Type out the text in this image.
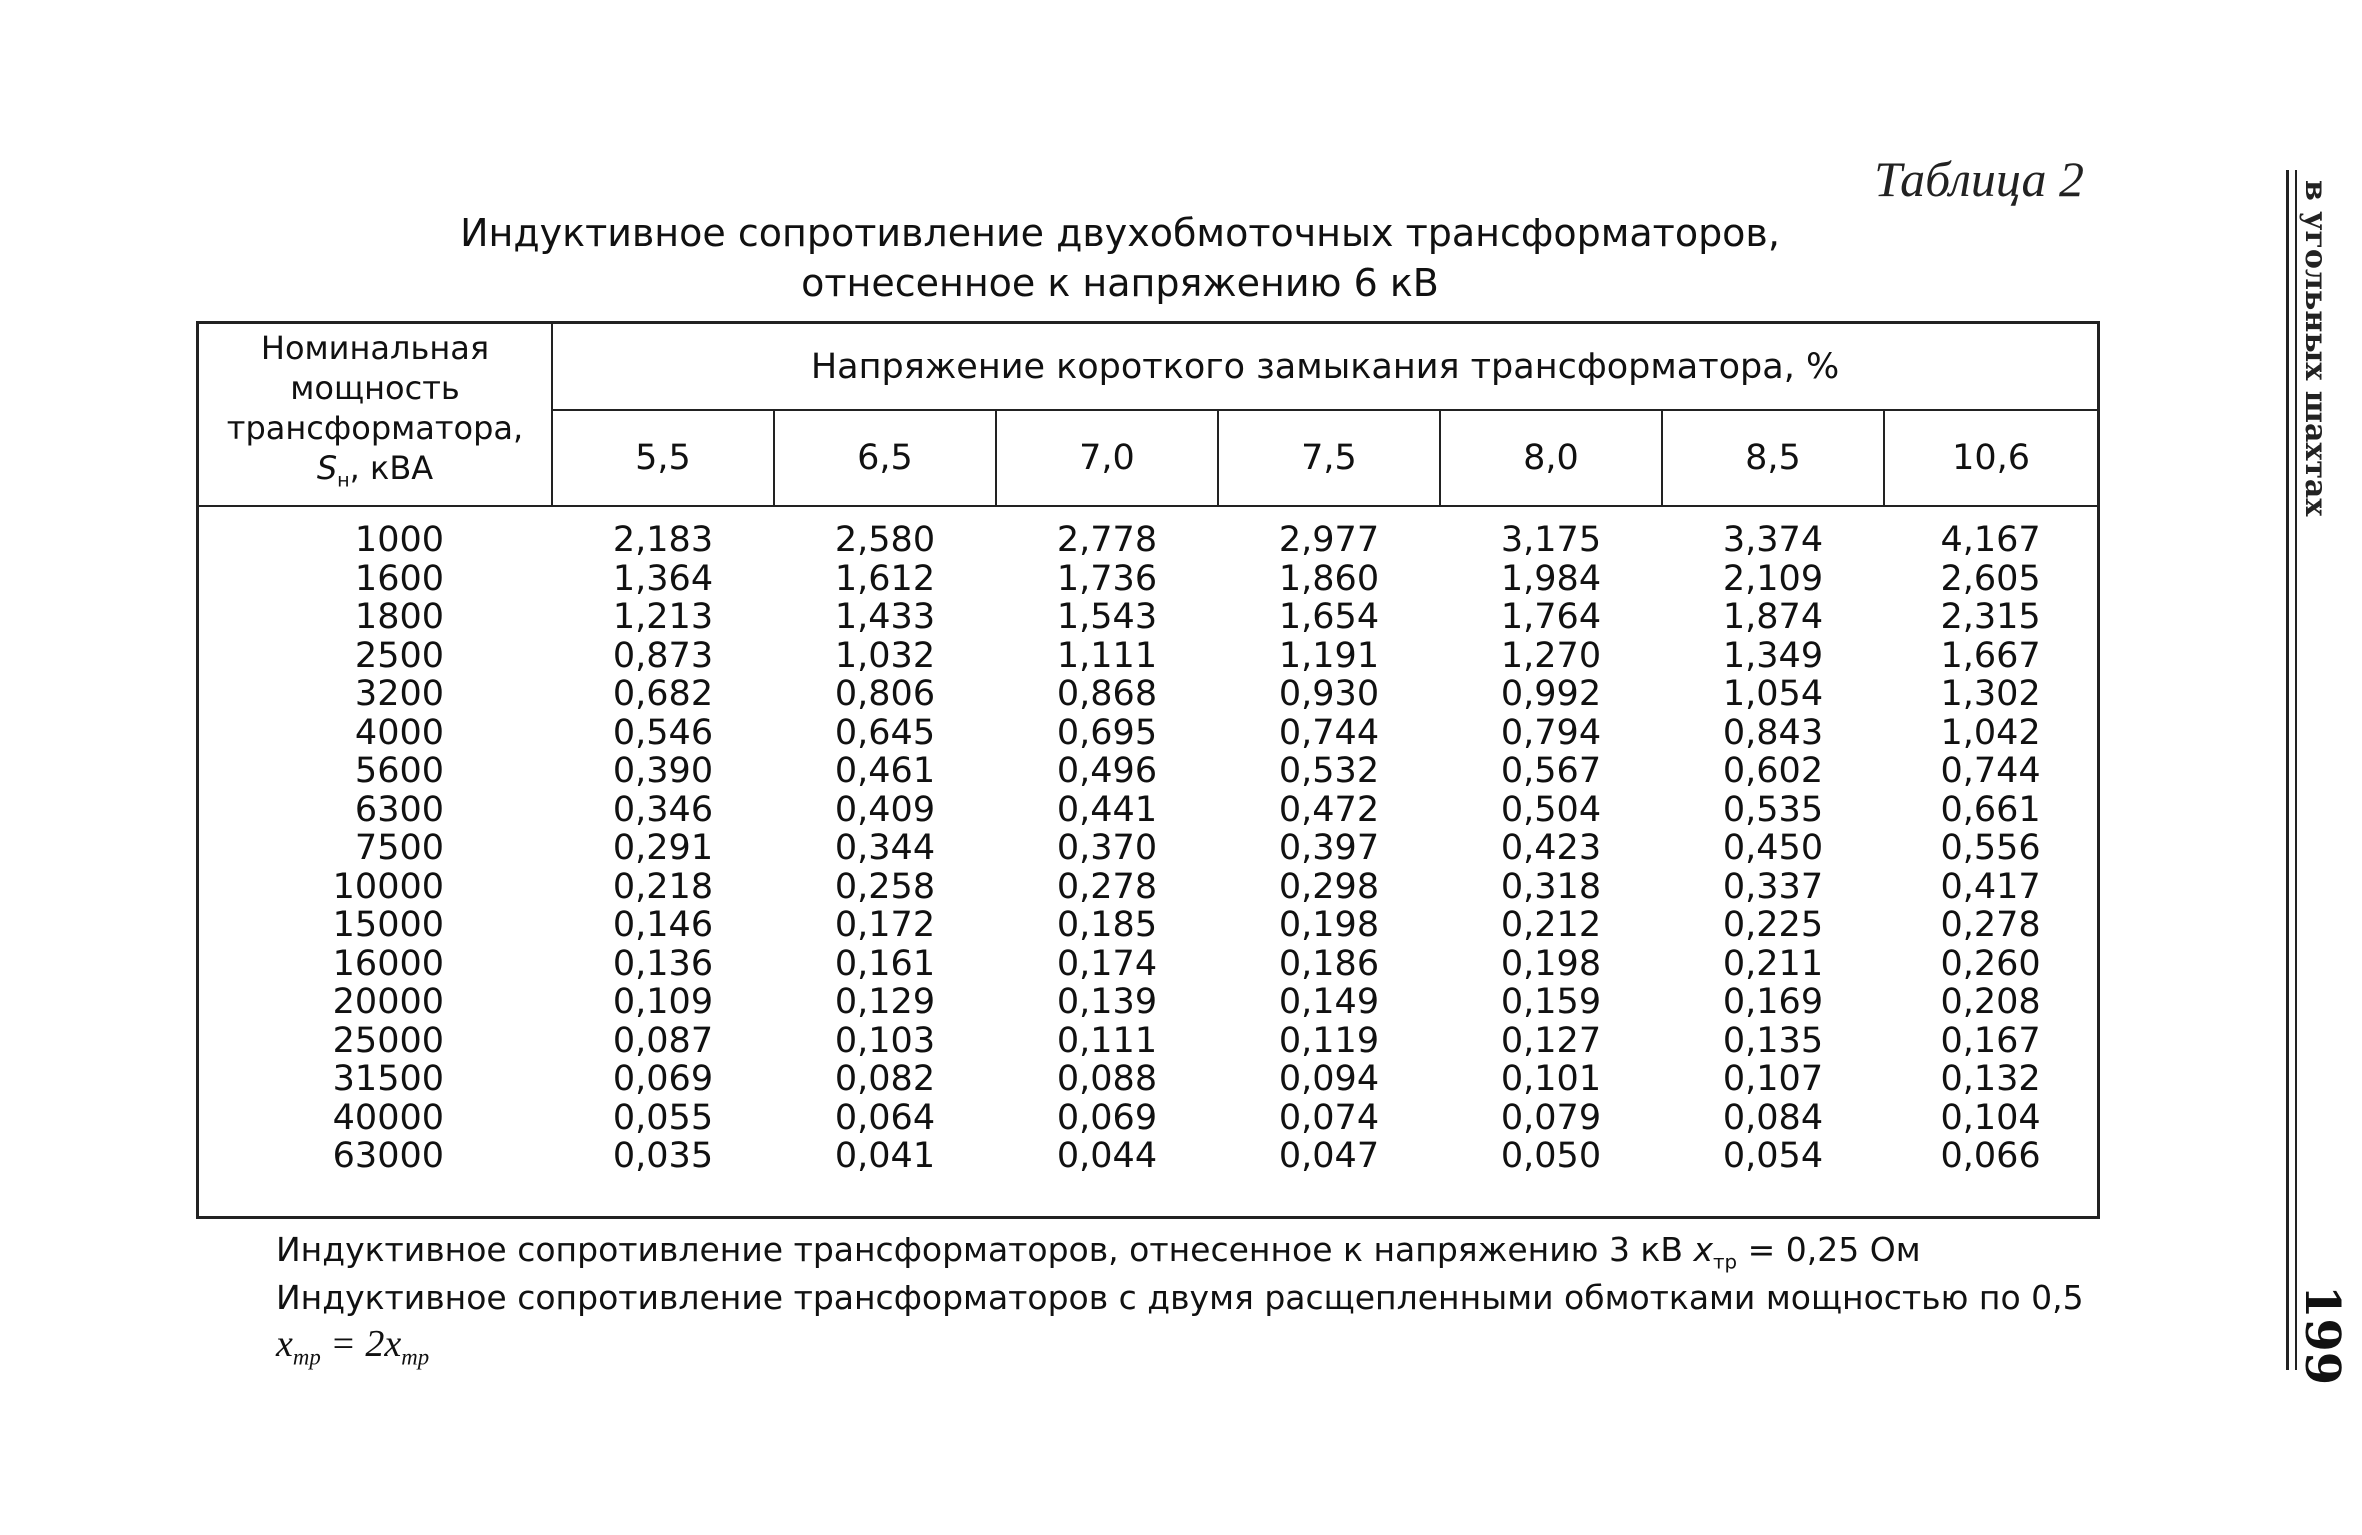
Таблица 2
Индуктивное сопротивление двухобмоточных трансформаторов,
отнесенное к напряжению 6 кВ
Номинальная
мощность
трансформатора,
$S_н$, кВА	Напряжение короткого замыкания трансформатора, %						
	5,5	6,5	7,0	7,5	8,0	8,5	10,6
1000	2,183	2,580	2,778	2,977	3,175	3,374	4,167
1600	1,364	1,612	1,736	1,860	1,984	2,109	2,605
1800	1,213	1,433	1,543	1,654	1,764	1,874	2,315
2500	0,873	1,032	1,111	1,191	1,270	1,349	1,667
3200	0,682	0,806	0,868	0,930	0,992	1,054	1,302
4000	0,546	0,645	0,695	0,744	0,794	0,843	1,042
5600	0,390	0,461	0,496	0,532	0,567	0,602	0,744
6300	0,346	0,409	0,441	0,472	0,504	0,535	0,661
7500	0,291	0,344	0,370	0,397	0,423	0,450	0,556
10000	0,218	0,258	0,278	0,298	0,318	0,337	0,417
15000	0,146	0,172	0,185	0,198	0,212	0,225	0,278
16000	0,136	0,161	0,174	0,186	0,198	0,211	0,260
20000	0,109	0,129	0,139	0,149	0,159	0,169	0,208
25000	0,087	0,103	0,111	0,119	0,127	0,135	0,167
31500	0,069	0,082	0,088	0,094	0,101	0,107	0,132
40000	0,055	0,064	0,069	0,074	0,079	0,084	0,104
63000	0,035	0,041	0,044	0,047	0,050	0,054	0,066
Индуктивное сопротивление трансформаторов, отнесенное к напряжению 3 кВ $x_{тр} = 0,25$ Ом
Индуктивное сопротивление трансформаторов с двумя расщепленными обмотками мощностью по 0,5
$x_{тр} = 2x_{тр}$
в угольных шахтах
199
